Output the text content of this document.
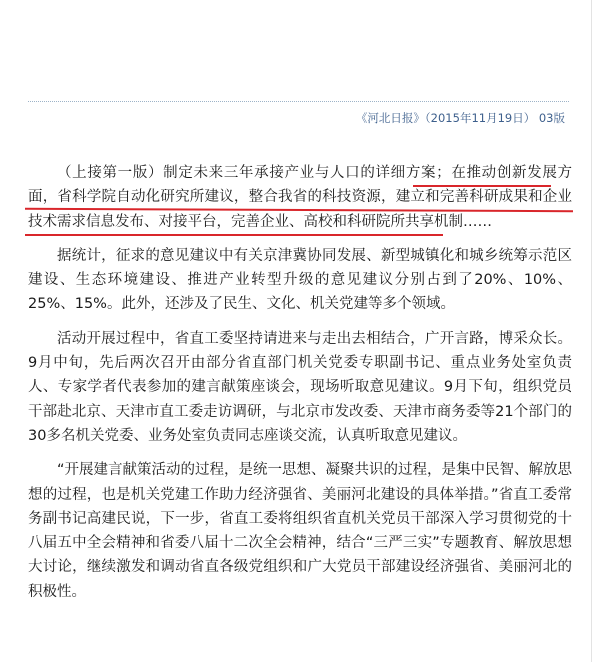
《河北日报》（2015年11月19日） 03版

（上接第一版）制定未来三年承接产业与人口的详细方案；在推动创新发展方面，省科学院自动化研究所建议，整合我省的科技资源，建立和完善科研成果和企业技术需求信息发布、对接平台，完善企业、高校和科研院所共享机制……

据统计，征求的意见建议中有关京津冀协同发展、新型城镇化和城乡统筹示范区建设、生态环境建设、推进产业转型升级的意见建议分别占到了20%、10%、25%、15%。此外，还涉及了民生、文化、机关党建等多个领域。

活动开展过程中，省直工委坚持请进来与走出去相结合，广开言路，博采众长。9月中旬，先后两次召开由部分省直部门机关党委专职副书记、重点业务处室负责人、专家学者代表参加的建言献策座谈会，现场听取意见建议。9月下旬，组织党员干部赴北京、天津市直工委走访调研，与北京市发改委、天津市商务委等21个部门的30多名机关党委、业务处室负责同志座谈交流，认真听取意见建议。

“开展建言献策活动的过程，是统一思想、凝聚共识的过程，是集中民智、解放思想的过程，也是机关党建工作助力经济强省、美丽河北建设的具体举措。”省直工委常务副书记高建民说，下一步，省直工委将组织省直机关党员干部深入学习贯彻党的十八届五中全会精神和省委八届十二次全会精神，结合“三严三实”专题教育、解放思想大讨论，继续激发和调动省直各级党组织和广大党员干部建设经济强省、美丽河北的积极性。
